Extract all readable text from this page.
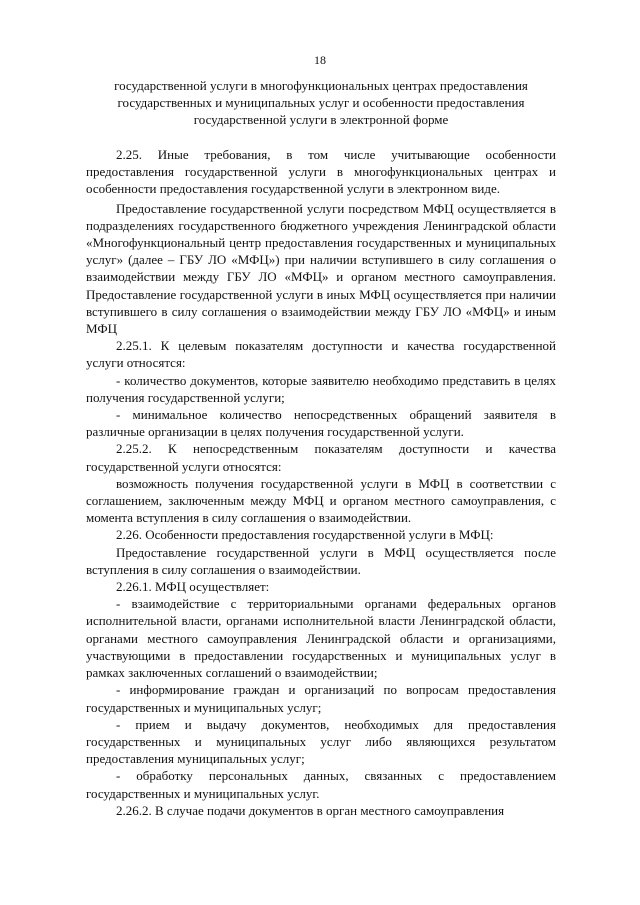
18
государственной услуги в многофункциональных центрах предоставления
государственных и муниципальных услуг и особенности предоставления
государственной услуги в электронной форме

2.25. Иные требования, в том числе учитывающие особенности предоставления государственной услуги в многофункциональных центрах и особенности предоставления государственной услуги в электронном виде.

Предоставление государственной услуги посредством МФЦ осуществляется в подразделениях государственного бюджетного учреждения Ленинградской области «Многофункциональный центр предоставления государственных и муниципальных услуг» (далее – ГБУ ЛО «МФЦ») при наличии вступившего в силу соглашения о взаимодействии между ГБУ ЛО «МФЦ» и органом местного самоуправления. Предоставление государственной услуги в иных МФЦ осуществляется при наличии вступившего в силу соглашения о взаимодействии между ГБУ ЛО «МФЦ» и иным МФЦ

2.25.1. К целевым показателям доступности и качества государственной услуги относятся:

- количество документов, которые заявителю необходимо представить в целях получения государственной услуги;

- минимальное количество непосредственных обращений заявителя в различные организации в целях получения государственной услуги.

2.25.2. К непосредственным показателям доступности и качества государственной услуги относятся:

возможность получения государственной услуги в МФЦ в соответствии с соглашением, заключенным между МФЦ и органом местного самоуправления, с момента вступления в силу соглашения о взаимодействии.

2.26. Особенности предоставления государственной услуги в МФЦ:

Предоставление государственной услуги в МФЦ осуществляется после вступления в силу соглашения о взаимодействии.

2.26.1. МФЦ осуществляет:

- взаимодействие с территориальными органами федеральных органов исполнительной власти, органами исполнительной власти Ленинградской области, органами местного самоуправления Ленинградской области и организациями, участвующими в предоставлении государственных и муниципальных услуг в рамках заключенных соглашений о взаимодействии;

- информирование граждан и организаций по вопросам предоставления государственных и муниципальных услуг;

- прием и выдачу документов, необходимых для предоставления государственных и муниципальных услуг либо являющихся результатом предоставления муниципальных услуг;

- обработку персональных данных, связанных с предоставлением государственных и муниципальных услуг.

2.26.2. В случае подачи документов в орган местного самоуправления
